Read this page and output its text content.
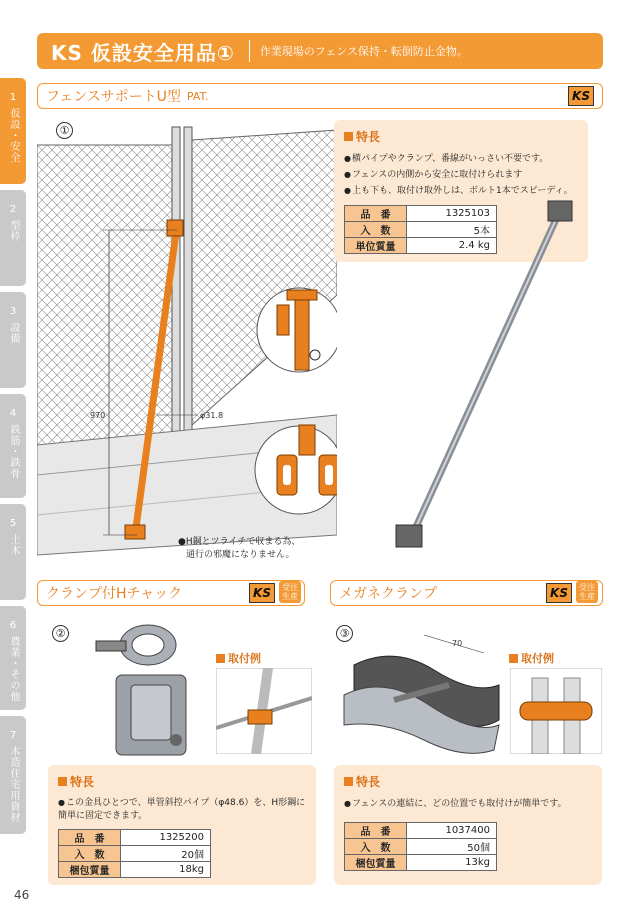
KS 仮設安全用品① 作業現場のフェンス保持・転倒防止金物。
1
仮設・安全
2
型枠
3
設備
4
鉄筋・鉄骨
5
土木
6
農業・その他
7
木造住宅用資材
フェンスサポートU型 PAT.	KS
①
970	φ31.8
●H鋼とツライチで収まる為、
通行の邪魔になりません。
特長
● 横パイプやクランプ、番線がいっさい不要です。
● フェンスの内側から安全に取付けられます
● 上も下も、取付け取外しは、ボルト1本でスピーディ。
品　番	1325103
入　数	5本
単位質量	2.4 kg
クランプ付Hチャック	KS	受注
生産
②
取付例
特長
● この金具ひとつで、単管斜控パイプ（φ48.6）を、H形鋼に簡単に固定できます。
品　番	1325200
入　数	20個
梱包質量	18kg
メガネクランプ	KS	受注
生産
③
70
取付例
特長
● フェンスの連結に、どの位置でも取付けが簡単です。
品　番	1037400
入　数	50個
梱包質量	13kg
46
